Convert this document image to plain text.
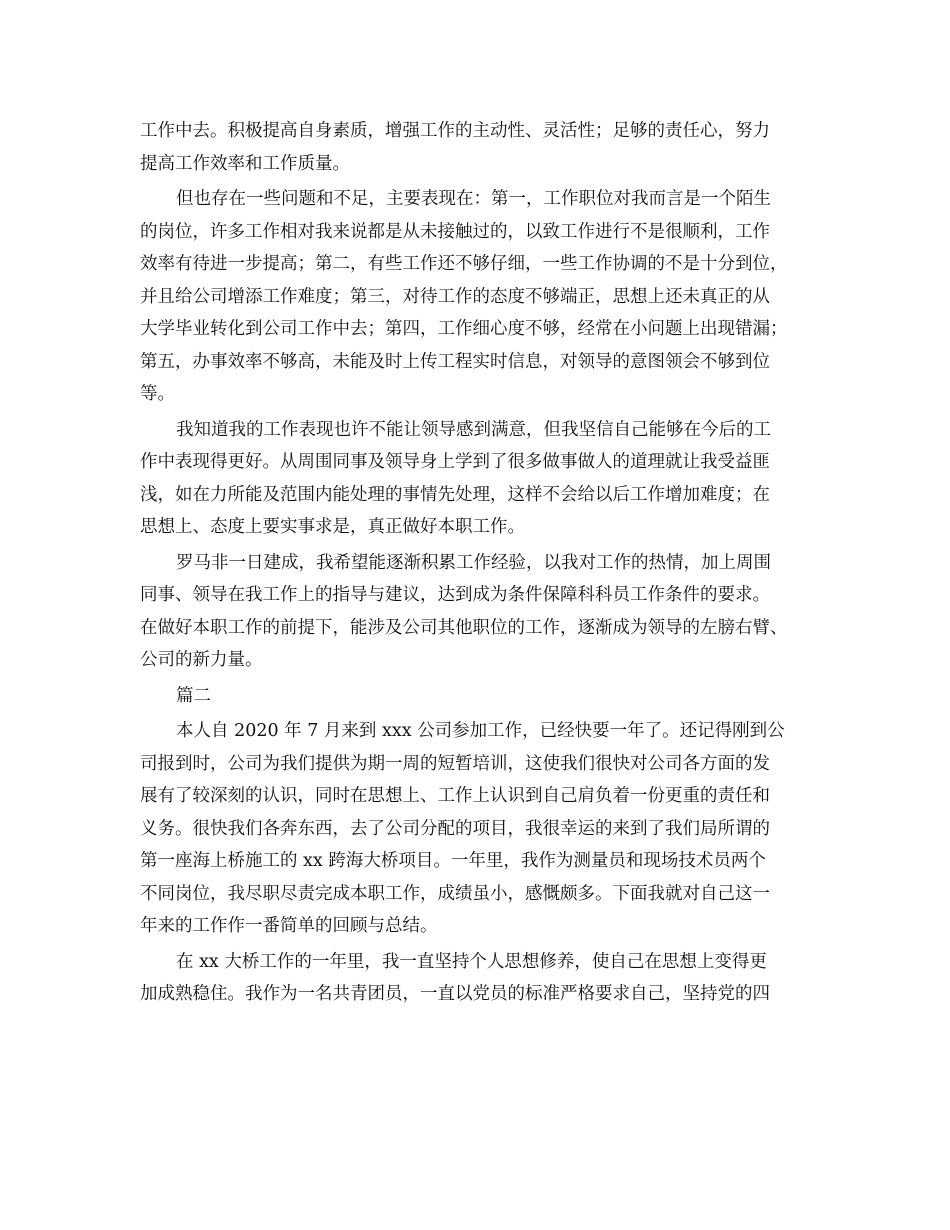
工作中去。积极提高自身素质，增强工作的主动性、灵活性；足够的责任心，努力
提高工作效率和工作质量。
但也存在一些问题和不足，主要表现在：第一，工作职位对我而言是一个陌生
的岗位，许多工作相对我来说都是从未接触过的，以致工作进行不是很顺利，工作
效率有待进一步提高；第二，有些工作还不够仔细，一些工作协调的不是十分到位，
并且给公司增添工作难度；第三，对待工作的态度不够端正，思想上还未真正的从
大学毕业转化到公司工作中去；第四，工作细心度不够，经常在小问题上出现错漏；
第五，办事效率不够高，未能及时上传工程实时信息，对领导的意图领会不够到位
等。
我知道我的工作表现也许不能让领导感到满意，但我坚信自己能够在今后的工
作中表现得更好。从周围同事及领导身上学到了很多做事做人的道理就让我受益匪
浅，如在力所能及范围内能处理的事情先处理，这样不会给以后工作增加难度；在
思想上、态度上要实事求是，真正做好本职工作。
罗马非一日建成，我希望能逐渐积累工作经验，以我对工作的热情，加上周围
同事、领导在我工作上的指导与建议，达到成为条件保障科科员工作条件的要求。
在做好本职工作的前提下，能涉及公司其他职位的工作，逐渐成为领导的左膀右臂、
公司的新力量。
篇二
本人自 2020 年 7 月来到 xxx 公司参加工作，已经快要一年了。还记得刚到公
司报到时，公司为我们提供为期一周的短暂培训，这使我们很快对公司各方面的发
展有了较深刻的认识，同时在思想上、工作上认识到自己肩负着一份更重的责任和
义务。很快我们各奔东西，去了公司分配的项目，我很幸运的来到了我们局所谓的
第一座海上桥施工的 xx 跨海大桥项目。一年里，我作为测量员和现场技术员两个
不同岗位，我尽职尽责完成本职工作，成绩虽小，感慨颇多。下面我就对自己这一
年来的工作作一番简单的回顾与总结。
在 xx 大桥工作的一年里，我一直坚持个人思想修养，使自己在思想上变得更
加成熟稳住。我作为一名共青团员，一直以党员的标准严格要求自己，坚持党的四
